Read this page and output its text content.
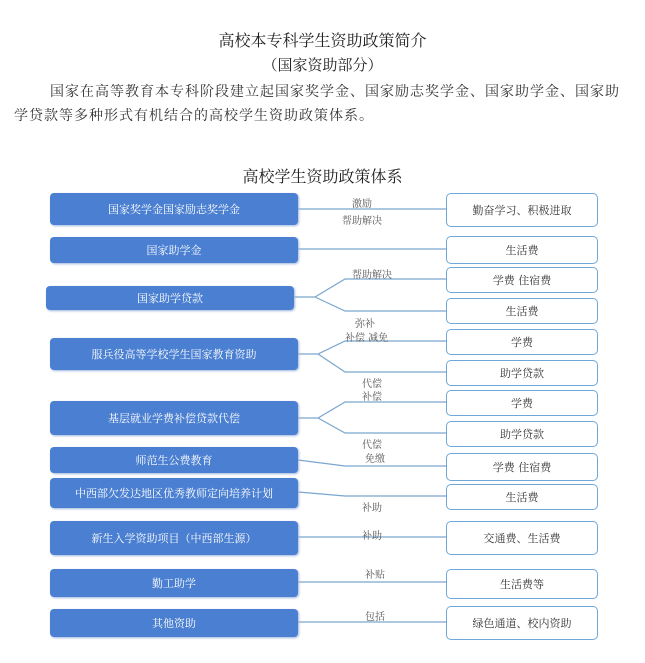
高校本专科学生资助政策简介
（国家资助部分）
国家在高等教育本专科阶段建立起国家奖学金、国家励志奖学金、国家助学金、国家助学贷款等多种形式有机结合的高校学生资助政策体系。
高校学生资助政策体系
国家奖学金国家励志奖学金
国家助学金
国家助学贷款
服兵役高等学校学生国家教育资助
基层就业学费补偿贷款代偿
师范生公费教育
中西部欠发达地区优秀教师定向培养计划
新生入学资助项目（中西部生源）
勤工助学
其他资助
勤奋学习、积极进取
生活费
学费 住宿费
生活费
学费
助学贷款
学费
助学贷款
学费 住宿费
生活费
交通费、生活费
生活费等
绿色通道、校内资助
激励
帮助解决
帮助解决
弥补
补偿 减免
代偿
补偿
代偿
免缴
补助
补助
补贴
包括
